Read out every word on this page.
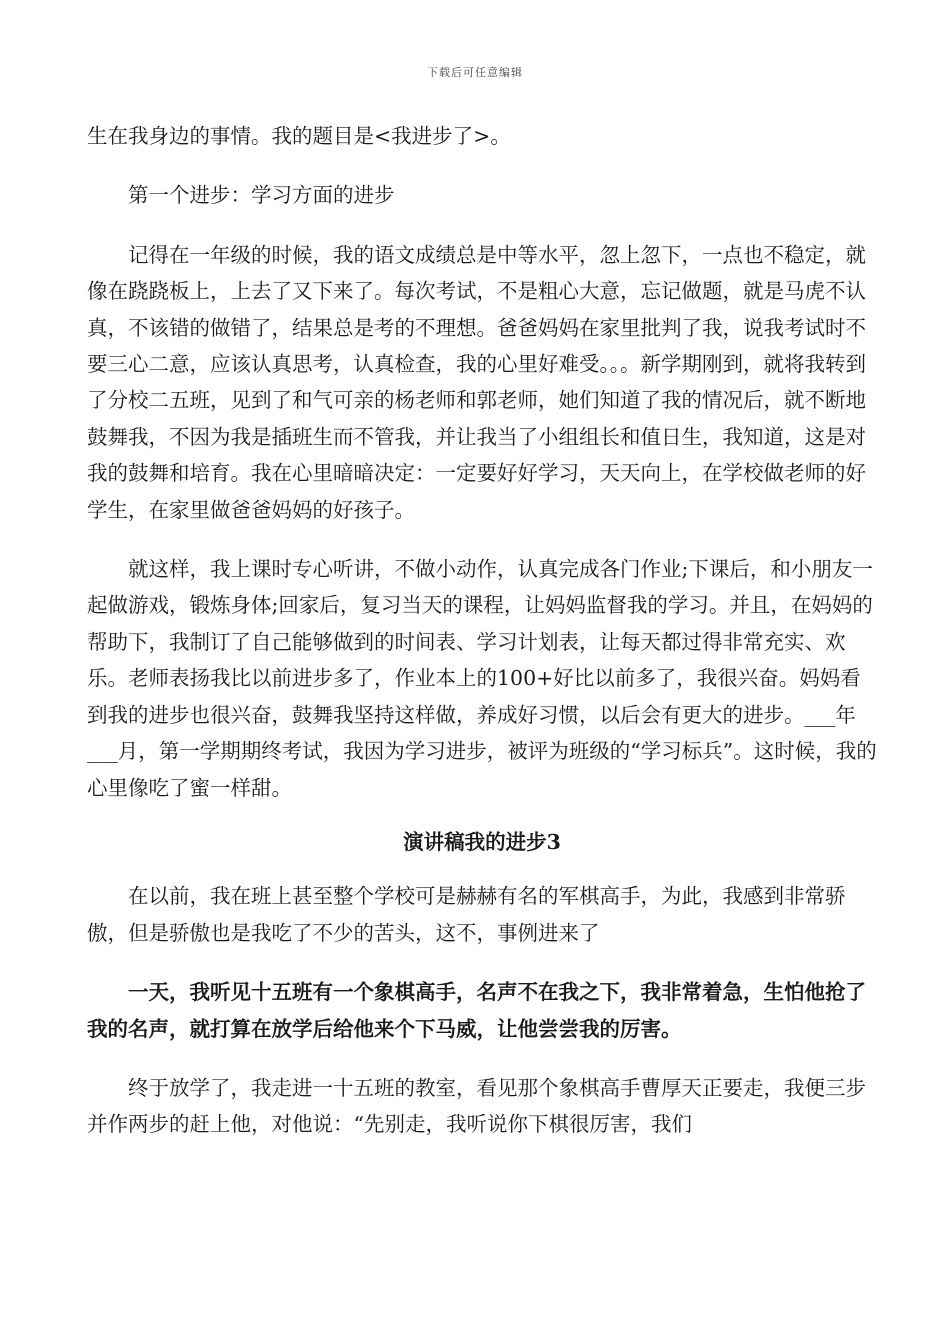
下载后可任意编辑

生在我身边的事情。我的题目是<我进步了>。

第一个进步：学习方面的进步

记得在一年级的时候，我的语文成绩总是中等水平，忽上忽下，一点也不稳定，就像在跷跷板上，上去了又下来了。每次考试，不是粗心大意，忘记做题，就是马虎不认真，不该错的做错了，结果总是考的不理想。爸爸妈妈在家里批判了我，说我考试时不要三心二意，应该认真思考，认真检查，我的心里好难受。。。新学期刚到，就将我转到了分校二五班，见到了和气可亲的杨老师和郭老师，她们知道了我的情况后，就不断地鼓舞我，不因为我是插班生而不管我，并让我当了小组组长和值日生，我知道，这是对我的鼓舞和培育。我在心里暗暗决定：一定要好好学习，天天向上，在学校做老师的好学生，在家里做爸爸妈妈的好孩子。

就这样，我上课时专心听讲，不做小动作，认真完成各门作业;下课后，和小朋友一起做游戏，锻炼身体;回家后，复习当天的课程，让妈妈监督我的学习。并且，在妈妈的帮助下，我制订了自己能够做到的时间表、学习计划表，让每天都过得非常充实、欢乐。老师表扬我比以前进步多了，作业本上的100+好比以前多了，我很兴奋。妈妈看到我的进步也很兴奋，鼓舞我坚持这样做，养成好习惯，以后会有更大的进步。___年___月，第一学期期终考试，我因为学习进步，被评为班级的“学习标兵”。这时候，我的心里像吃了蜜一样甜。

演讲稿我的进步3

在以前，我在班上甚至整个学校可是赫赫有名的军棋高手，为此，我感到非常骄傲，但是骄傲也是我吃了不少的苦头，这不，事例进来了

一天，我听见十五班有一个象棋高手，名声不在我之下，我非常着急，生怕他抢了我的名声，就打算在放学后给他来个下马威，让他尝尝我的厉害。

终于放学了，我走进一十五班的教室，看见那个象棋高手曹厚天正要走，我便三步并作两步的赶上他，对他说：“先别走，我听说你下棋很厉害，我们
